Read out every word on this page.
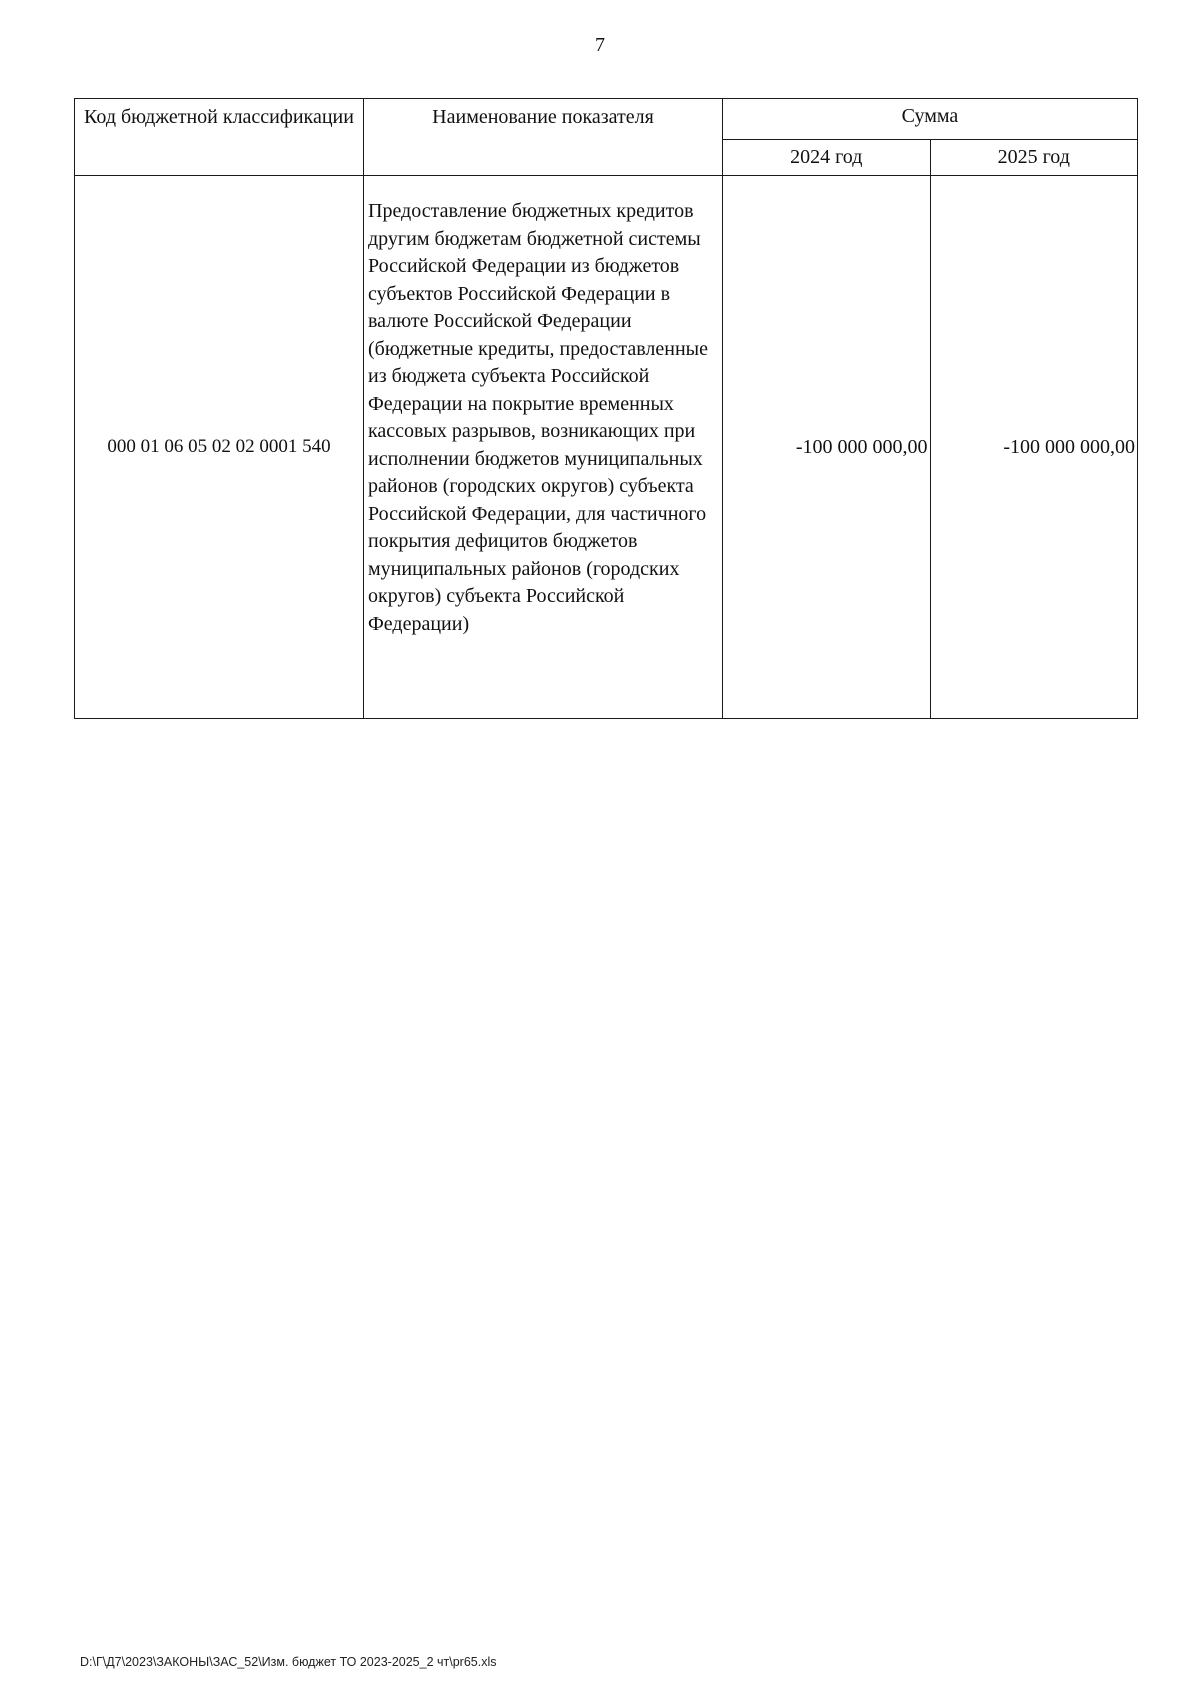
7
Код бюджетной классификации	Наименование показателя	Сумма	
		2024 год	2025 год
000 01 06 05 02 02 0001 540	Предоставление бюджетных кредитов другим бюджетам бюджетной системы Российской Федерации из бюджетов субъектов Российской Федерации в валюте Российской Федерации (бюджетные кредиты, предоставленные из бюджета субъекта Российской Федерации на покрытие временных кассовых разрывов, возникающих при исполнении бюджетов муниципальных районов (городских округов) субъекта Российской Федерации, для частичного покрытия дефицитов бюджетов муниципальных районов (городских округов) субъекта Российской Федерации)	-100 000 000,00	-100 000 000,00
D:\Г\Д7\2023\ЗАКОНЫ\ЗАС_52\Изм. бюджет ТО 2023-2025_2 чт\pr65.xls
